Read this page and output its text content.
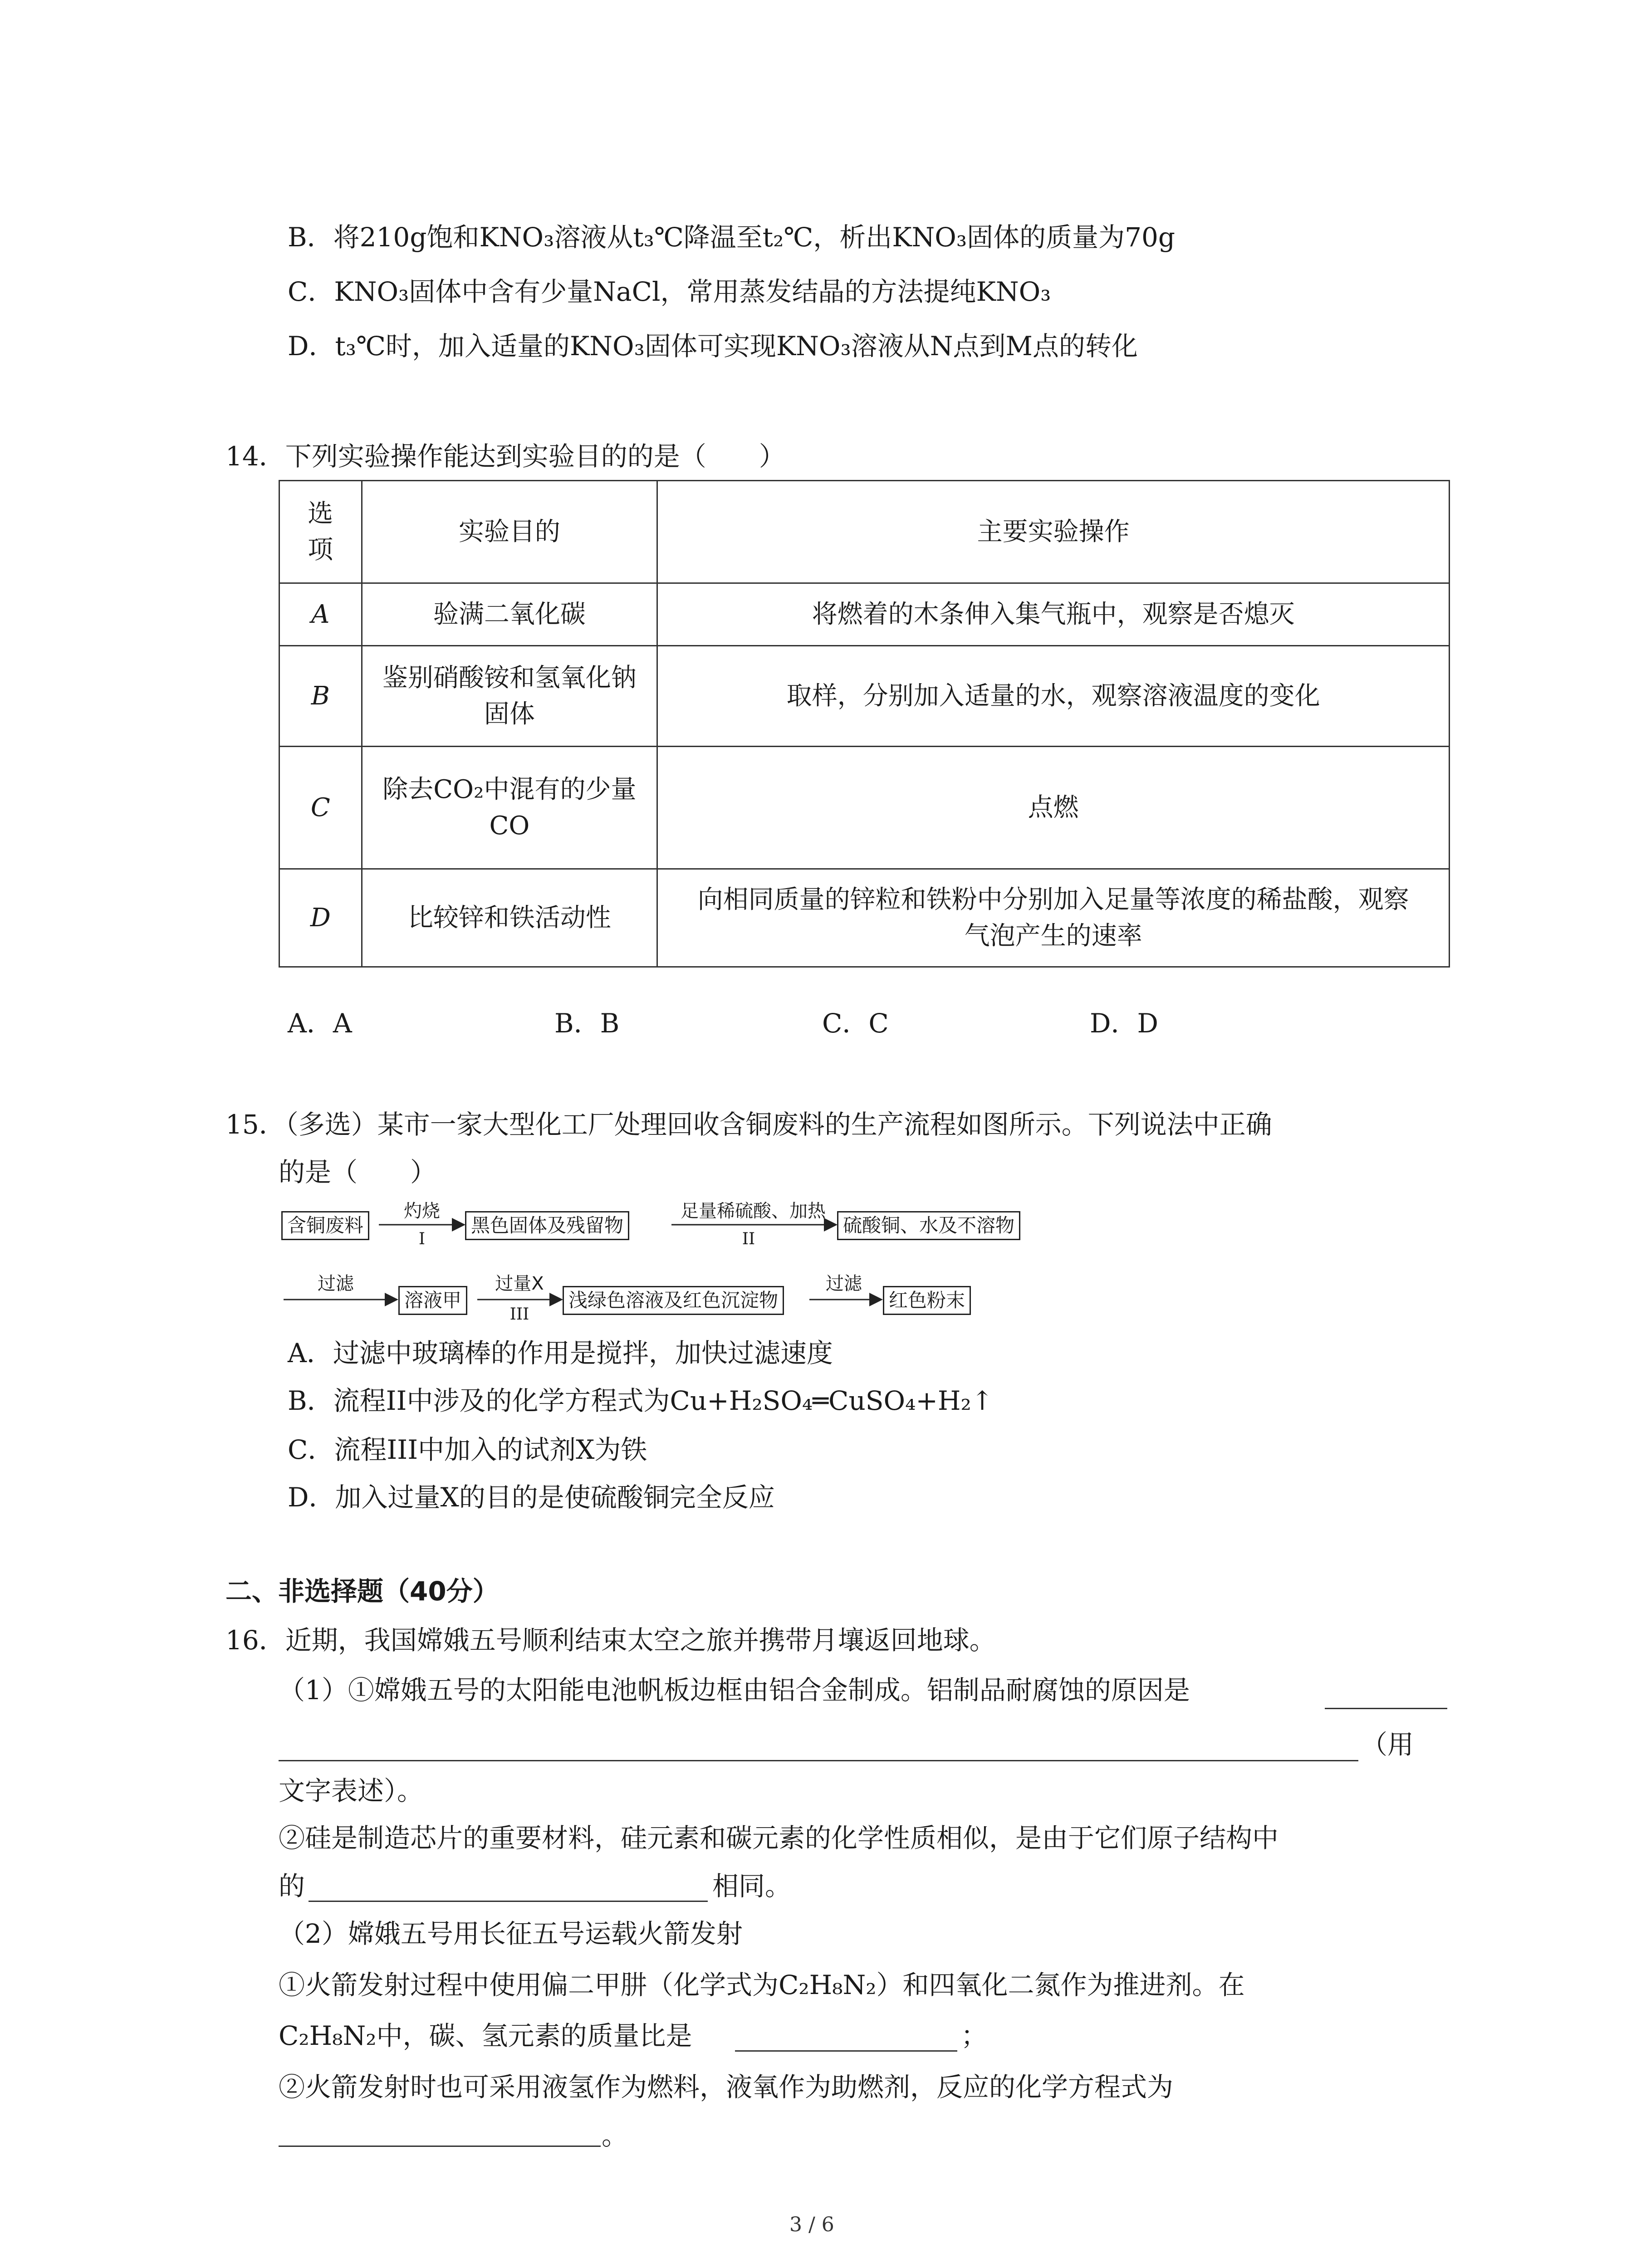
B．将210g饱和KNO₃溶液从t₃℃降温至t₂℃，析出KNO₃固体的质量为70g
C．KNO₃固体中含有少量NaCl，常用蒸发结晶的方法提纯KNO₃
D．t₃℃时，加入适量的KNO₃固体可实现KNO₃溶液从N点到M点的转化
14．下列实验操作能达到实验目的的是（　　）
选项	实验目的	主要实验操作
A	验满二氧化碳	将燃着的木条伸入集气瓶中，观察是否熄灭
B	鉴别硝酸铵和氢氧化钠固体	取样，分别加入适量的水，观察溶液温度的变化
C	除去CO₂中混有的少量CO	点燃
D	比较锌和铁活动性	向相同质量的锌粒和铁粉中分别加入足量等浓度的稀盐酸，观察气泡产生的速率
A．A	B．B	C．C	D．D
15．（多选）某市一家大型化工厂处理回收含铜废料的生产流程如图所示。下列说法中正确
的是（　　）
含铜废料
灼烧
I
黑色固体及残留物
足量稀硫酸、加热
II
硫酸铜、水及不溶物
过滤
溶液甲
过量X
III
浅绿色溶液及红色沉淀物
过滤
红色粉末
A．过滤中玻璃棒的作用是搅拌，加快过滤速度
B．流程II中涉及的化学方程式为Cu+H₂SO₄═CuSO₄+H₂↑
C．流程III中加入的试剂X为铁
D．加入过量X的目的是使硫酸铜完全反应
二、非选择题（40分）
16．近期，我国嫦娥五号顺利结束太空之旅并携带月壤返回地球。
（1）①嫦娥五号的太阳能电池帆板边框由铝合金制成。铝制品耐腐蚀的原因是
（用
文字表述）。
②硅是制造芯片的重要材料，硅元素和碳元素的化学性质相似，是由于它们原子结构中
的	相同。
（2）嫦娥五号用长征五号运载火箭发射
①火箭发射过程中使用偏二甲肼（化学式为C₂H₈N₂）和四氧化二氮作为推进剂。在
C₂H₈N₂中，碳、氢元素的质量比是	；
②火箭发射时也可采用液氢作为燃料，液氧作为助燃剂，反应的化学方程式为
。
3 / 6
